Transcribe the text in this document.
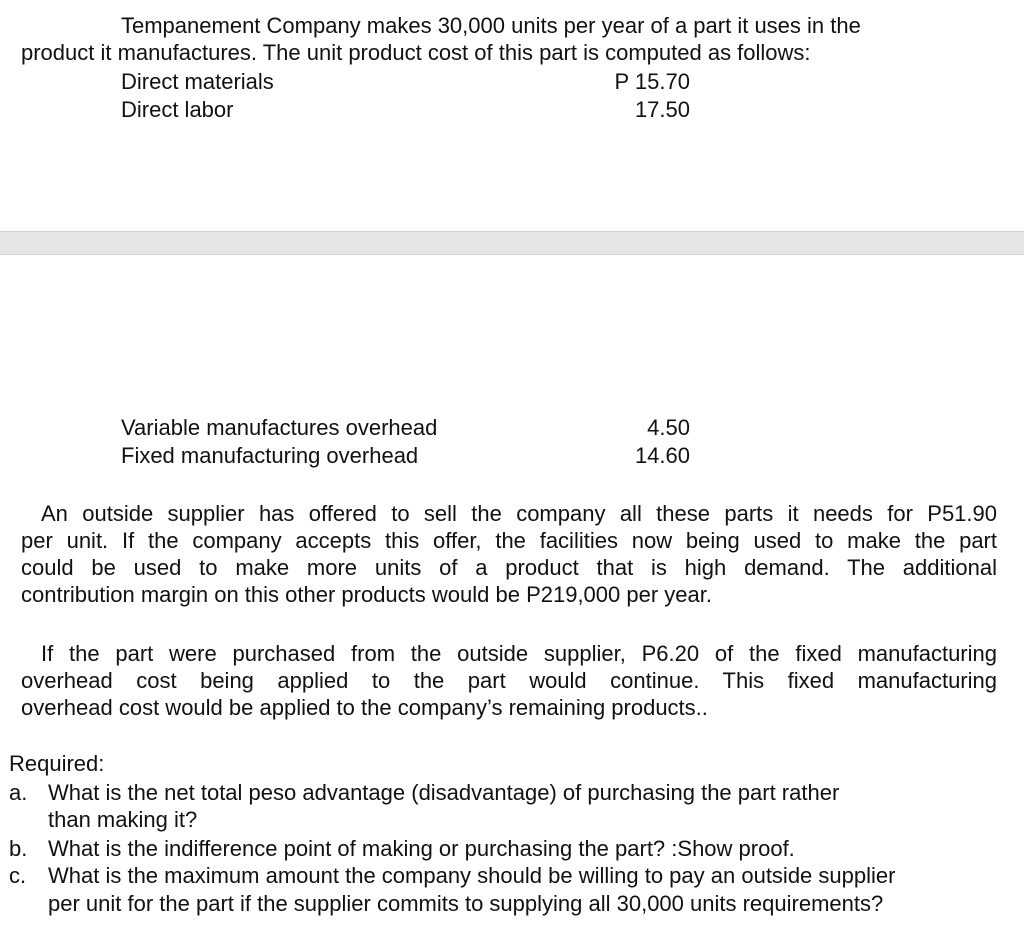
Tempanement Company makes 30,000 units per year of a part it uses in the
product it manufactures. The unit product cost of this part is computed as follows:
Direct materials	P 15.70
Direct labor	17.50
Variable manufactures overhead	4.50
Fixed manufacturing overhead	14.60
An outside supplier has offered to sell the company all these parts it needs for P51.90
per unit. If the company accepts this offer, the facilities now being used to make the part
could be used to make more units of a product that is high demand. The additional
contribution margin on this other products would be P219,000 per year.
If the part were purchased from the outside supplier, P6.20 of the fixed manufacturing
overhead cost being applied to the part would continue. This fixed manufacturing
overhead cost would be applied to the company’s remaining products..
Required:
a. What is the net total peso advantage (disadvantage) of purchasing the part rather
than making it?
b. What is the indifference point of making or purchasing the part? :Show proof.
c. What is the maximum amount the company should be willing to pay an outside supplier
per unit for the part if the supplier commits to supplying all 30,000 units requirements?
